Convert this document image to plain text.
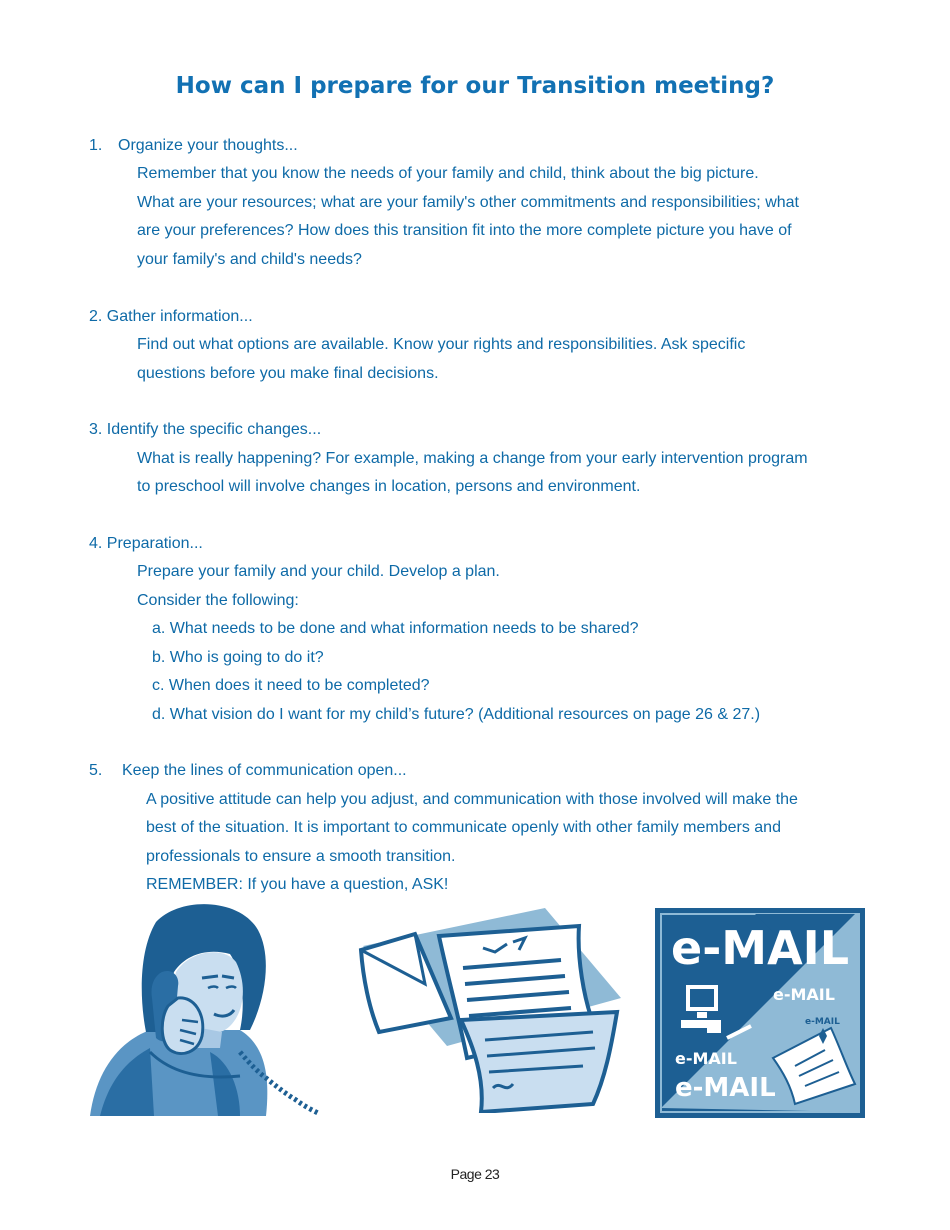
How can I prepare for our Transition meeting?

1. Organize your thoughts...

Remember that you know the needs of your family and child, think about the big picture.

What are your resources; what are your family's other commitments and responsibilities; what

are your preferences? How does this transition fit into the more complete picture you have of

your family's and child's needs?

2. Gather information...

Find out what options are available. Know your rights and responsibilities. Ask specific

questions before you make final decisions.

3. Identify the specific changes...

What is really happening? For example, making a change from your early intervention program

to preschool will involve changes in location, persons and environment.

4. Preparation...

Prepare your family and your child. Develop a plan.

Consider the following:

a. What needs to be done and what information needs to be shared?

b. Who is going to do it?

c. When does it need to be completed?

d. What vision do I want for my child’s future? (Additional resources on page 26 & 27.)

5. Keep the lines of communication open...

A positive attitude can help you adjust, and communication with those involved will make the

best of the situation. It is important to communicate openly with other family members and

professionals to ensure a smooth transition.

REMEMBER: If you have a question, ASK!

e-MAIL
e-MAIL
e-MAIL
e-MAIL
e-MAIL
Page 23
